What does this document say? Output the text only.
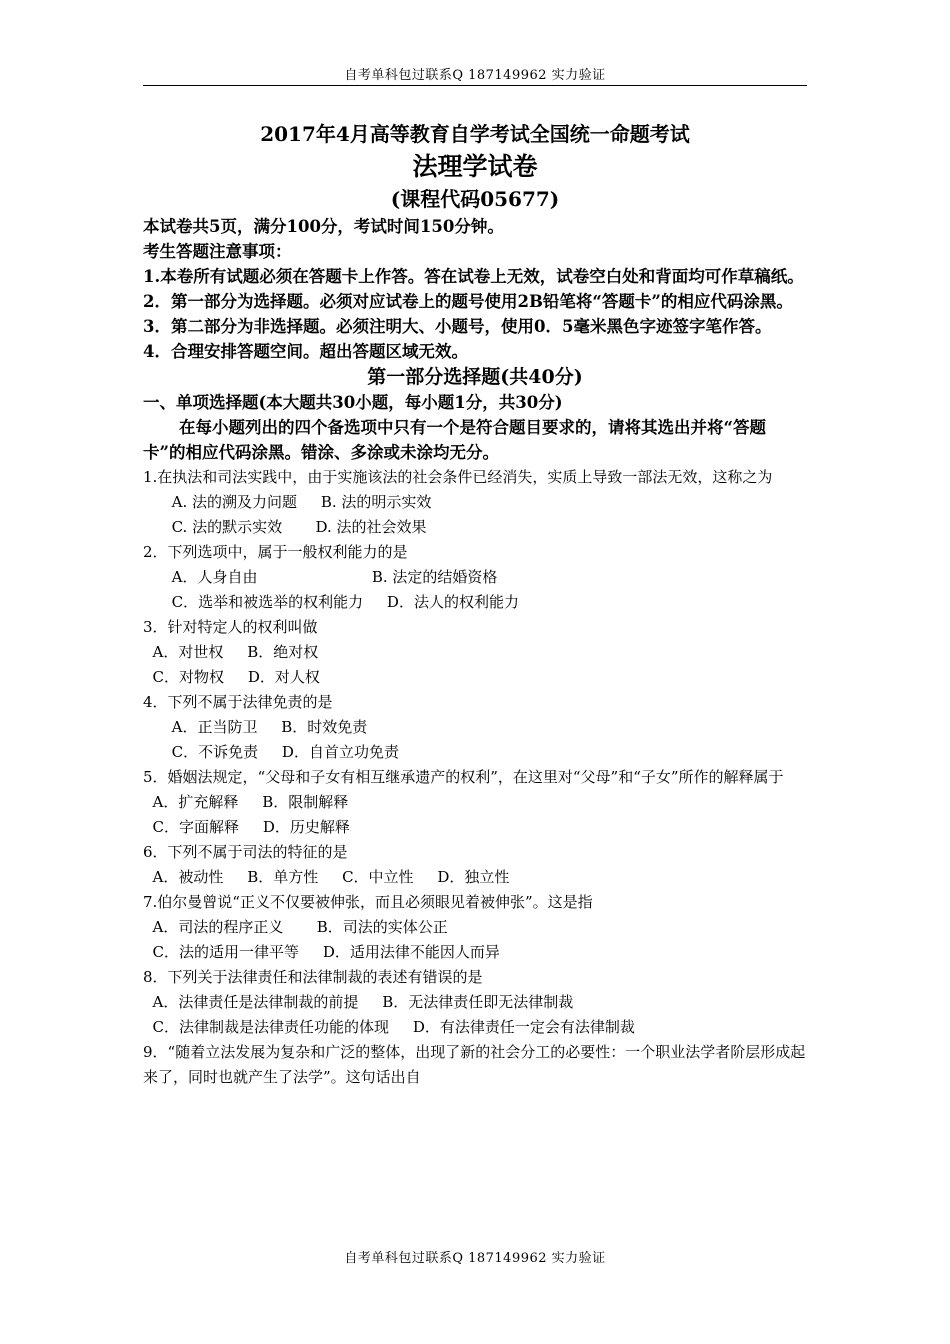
自考单科包过联系Q 187149962 实力验证
2017年4月高等教育自学考试全国统一命题考试
法理学试卷
(课程代码05677)
本试卷共5页，满分100分，考试时间150分钟。
考生答题注意事项：
1.本卷所有试题必须在答题卡上作答。答在试卷上无效，试卷空白处和背面均可作草稿纸。
2．第一部分为选择题。必须对应试卷上的题号使用2B铅笔将“答题卡”的相应代码涂黑。
3．第二部分为非选择题。必须注明大、小题号，使用0．5毫米黑色字迹签字笔作答。
4．合理安排答题空间。超出答题区域无效。
第一部分选择题(共40分)
一、单项选择题(本大题共30小题，每小题1分，共30分)
在每小题列出的四个备选项中只有一个是符合题目要求的，请将其选出并将“答题卡”的相应代码涂黑。错涂、多涂或未涂均无分。
1.在执法和司法实践中，由于实施该法的社会条件已经消失，实质上导致一部法无效，这称之为
A. 法的溯及力问题     B. 法的明示实效
C. 法的默示实效       D. 法的社会效果
2．下列选项中，属于一般权利能力的是
A．人身自由                        B. 法定的结婚资格
C．选举和被选举的权利能力     D．法人的权利能力
3．针对特定人的权利叫做
A．对世权     B．绝对权
C．对物权     D．对人权
4．下列不属于法律免责的是
A．正当防卫     B．时效免责
C．不诉免责     D．自首立功免责
5．婚姻法规定，“父母和子女有相互继承遗产的权利”，在这里对“父母”和“子女”所作的解释属于
A．扩充解释     B．限制解释
C．字面解释     D．历史解释
6．下列不属于司法的特征的是
A．被动性     B．单方性     C．中立性     D．独立性
7.伯尔曼曾说“正义不仅要被伸张，而且必须眼见着被伸张”。这是指
A．司法的程序正义       B．司法的实体公正
C．法的适用一律平等     D．适用法律不能因人而异
8．下列关于法律责任和法律制裁的表述有错误的是
A．法律责任是法律制裁的前提     B．无法律责任即无法律制裁
C．法律制裁是法律责任功能的体现     D．有法律责任一定会有法律制裁
9．“随着立法发展为复杂和广泛的整体，出现了新的社会分工的必要性：一个职业法学者阶层形成起来了，同时也就产生了法学”。这句话出自
自考单科包过联系Q 187149962 实力验证
